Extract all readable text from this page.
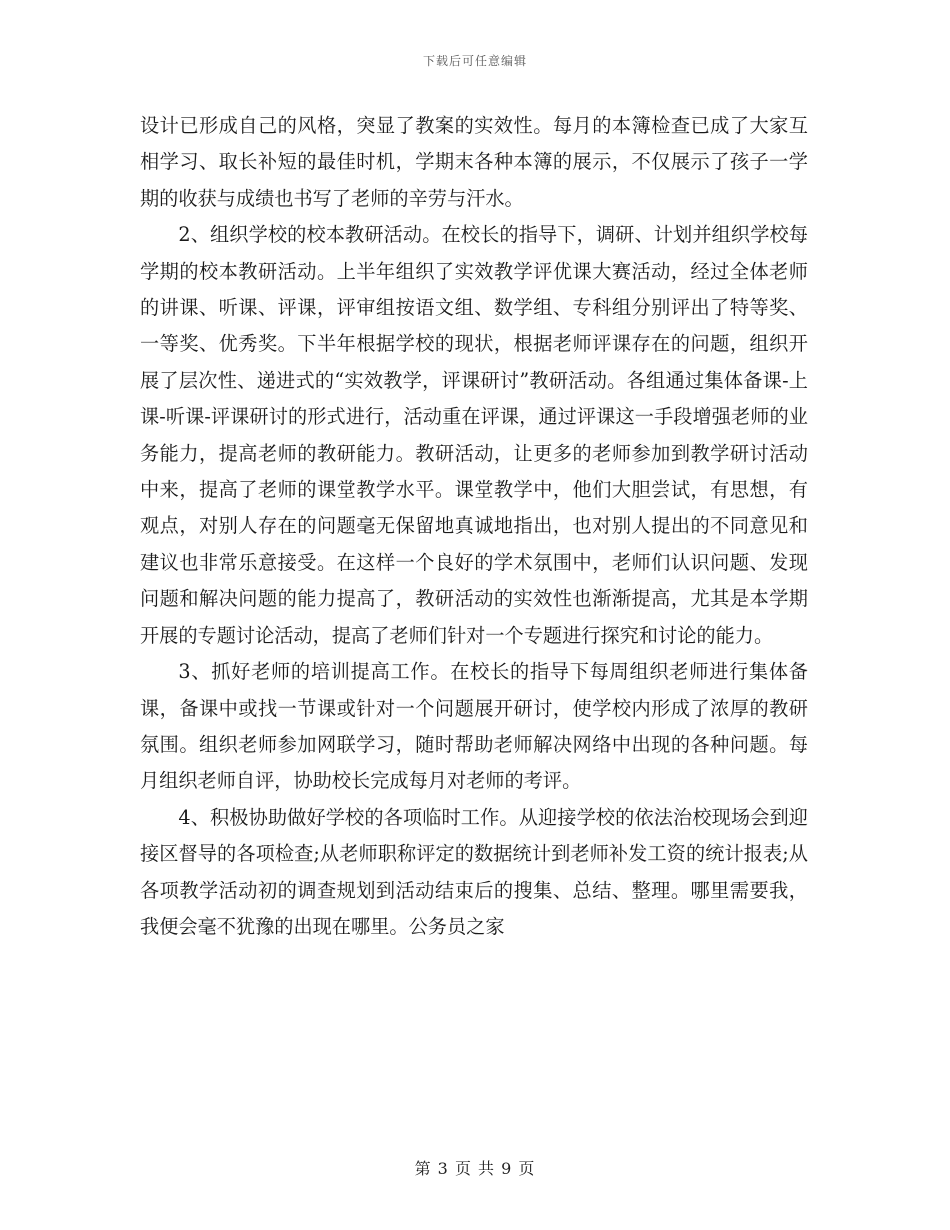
下载后可任意编辑

设计已形成自己的风格，突显了教案的实效性。每月的本簿检查已成了大家互相学习、取长补短的最佳时机，学期末各种本簿的展示，不仅展示了孩子一学期的收获与成绩也书写了老师的辛劳与汗水。

2、组织学校的校本教研活动。在校长的指导下，调研、计划并组织学校每学期的校本教研活动。上半年组织了实效教学评优课大赛活动，经过全体老师的讲课、听课、评课，评审组按语文组、数学组、专科组分别评出了特等奖、一等奖、优秀奖。下半年根据学校的现状，根据老师评课存在的问题，组织开展了层次性、递进式的“实效教学，评课研讨”教研活动。各组通过集体备课-上课-听课-评课研讨的形式进行，活动重在评课，通过评课这一手段增强老师的业务能力，提高老师的教研能力。教研活动，让更多的老师参加到教学研讨活动中来，提高了老师的课堂教学水平。课堂教学中，他们大胆尝试，有思想，有观点，对别人存在的问题毫无保留地真诚地指出，也对别人提出的不同意见和建议也非常乐意接受。在这样一个良好的学术氛围中，老师们认识问题、发现问题和解决问题的能力提高了，教研活动的实效性也渐渐提高，尤其是本学期开展的专题讨论活动，提高了老师们针对一个专题进行探究和讨论的能力。

3、抓好老师的培训提高工作。在校长的指导下每周组织老师进行集体备课，备课中或找一节课或针对一个问题展开研讨，使学校内形成了浓厚的教研氛围。组织老师参加网联学习，随时帮助老师解决网络中出现的各种问题。每月组织老师自评，协助校长完成每月对老师的考评。

4、积极协助做好学校的各项临时工作。从迎接学校的依法治校现场会到迎接区督导的各项检查;从老师职称评定的数据统计到老师补发工资的统计报表;从各项教学活动初的调查规划到活动结束后的搜集、总结、整理。哪里需要我，我便会毫不犹豫的出现在哪里。公务员之家

第 3 页 共 9 页
